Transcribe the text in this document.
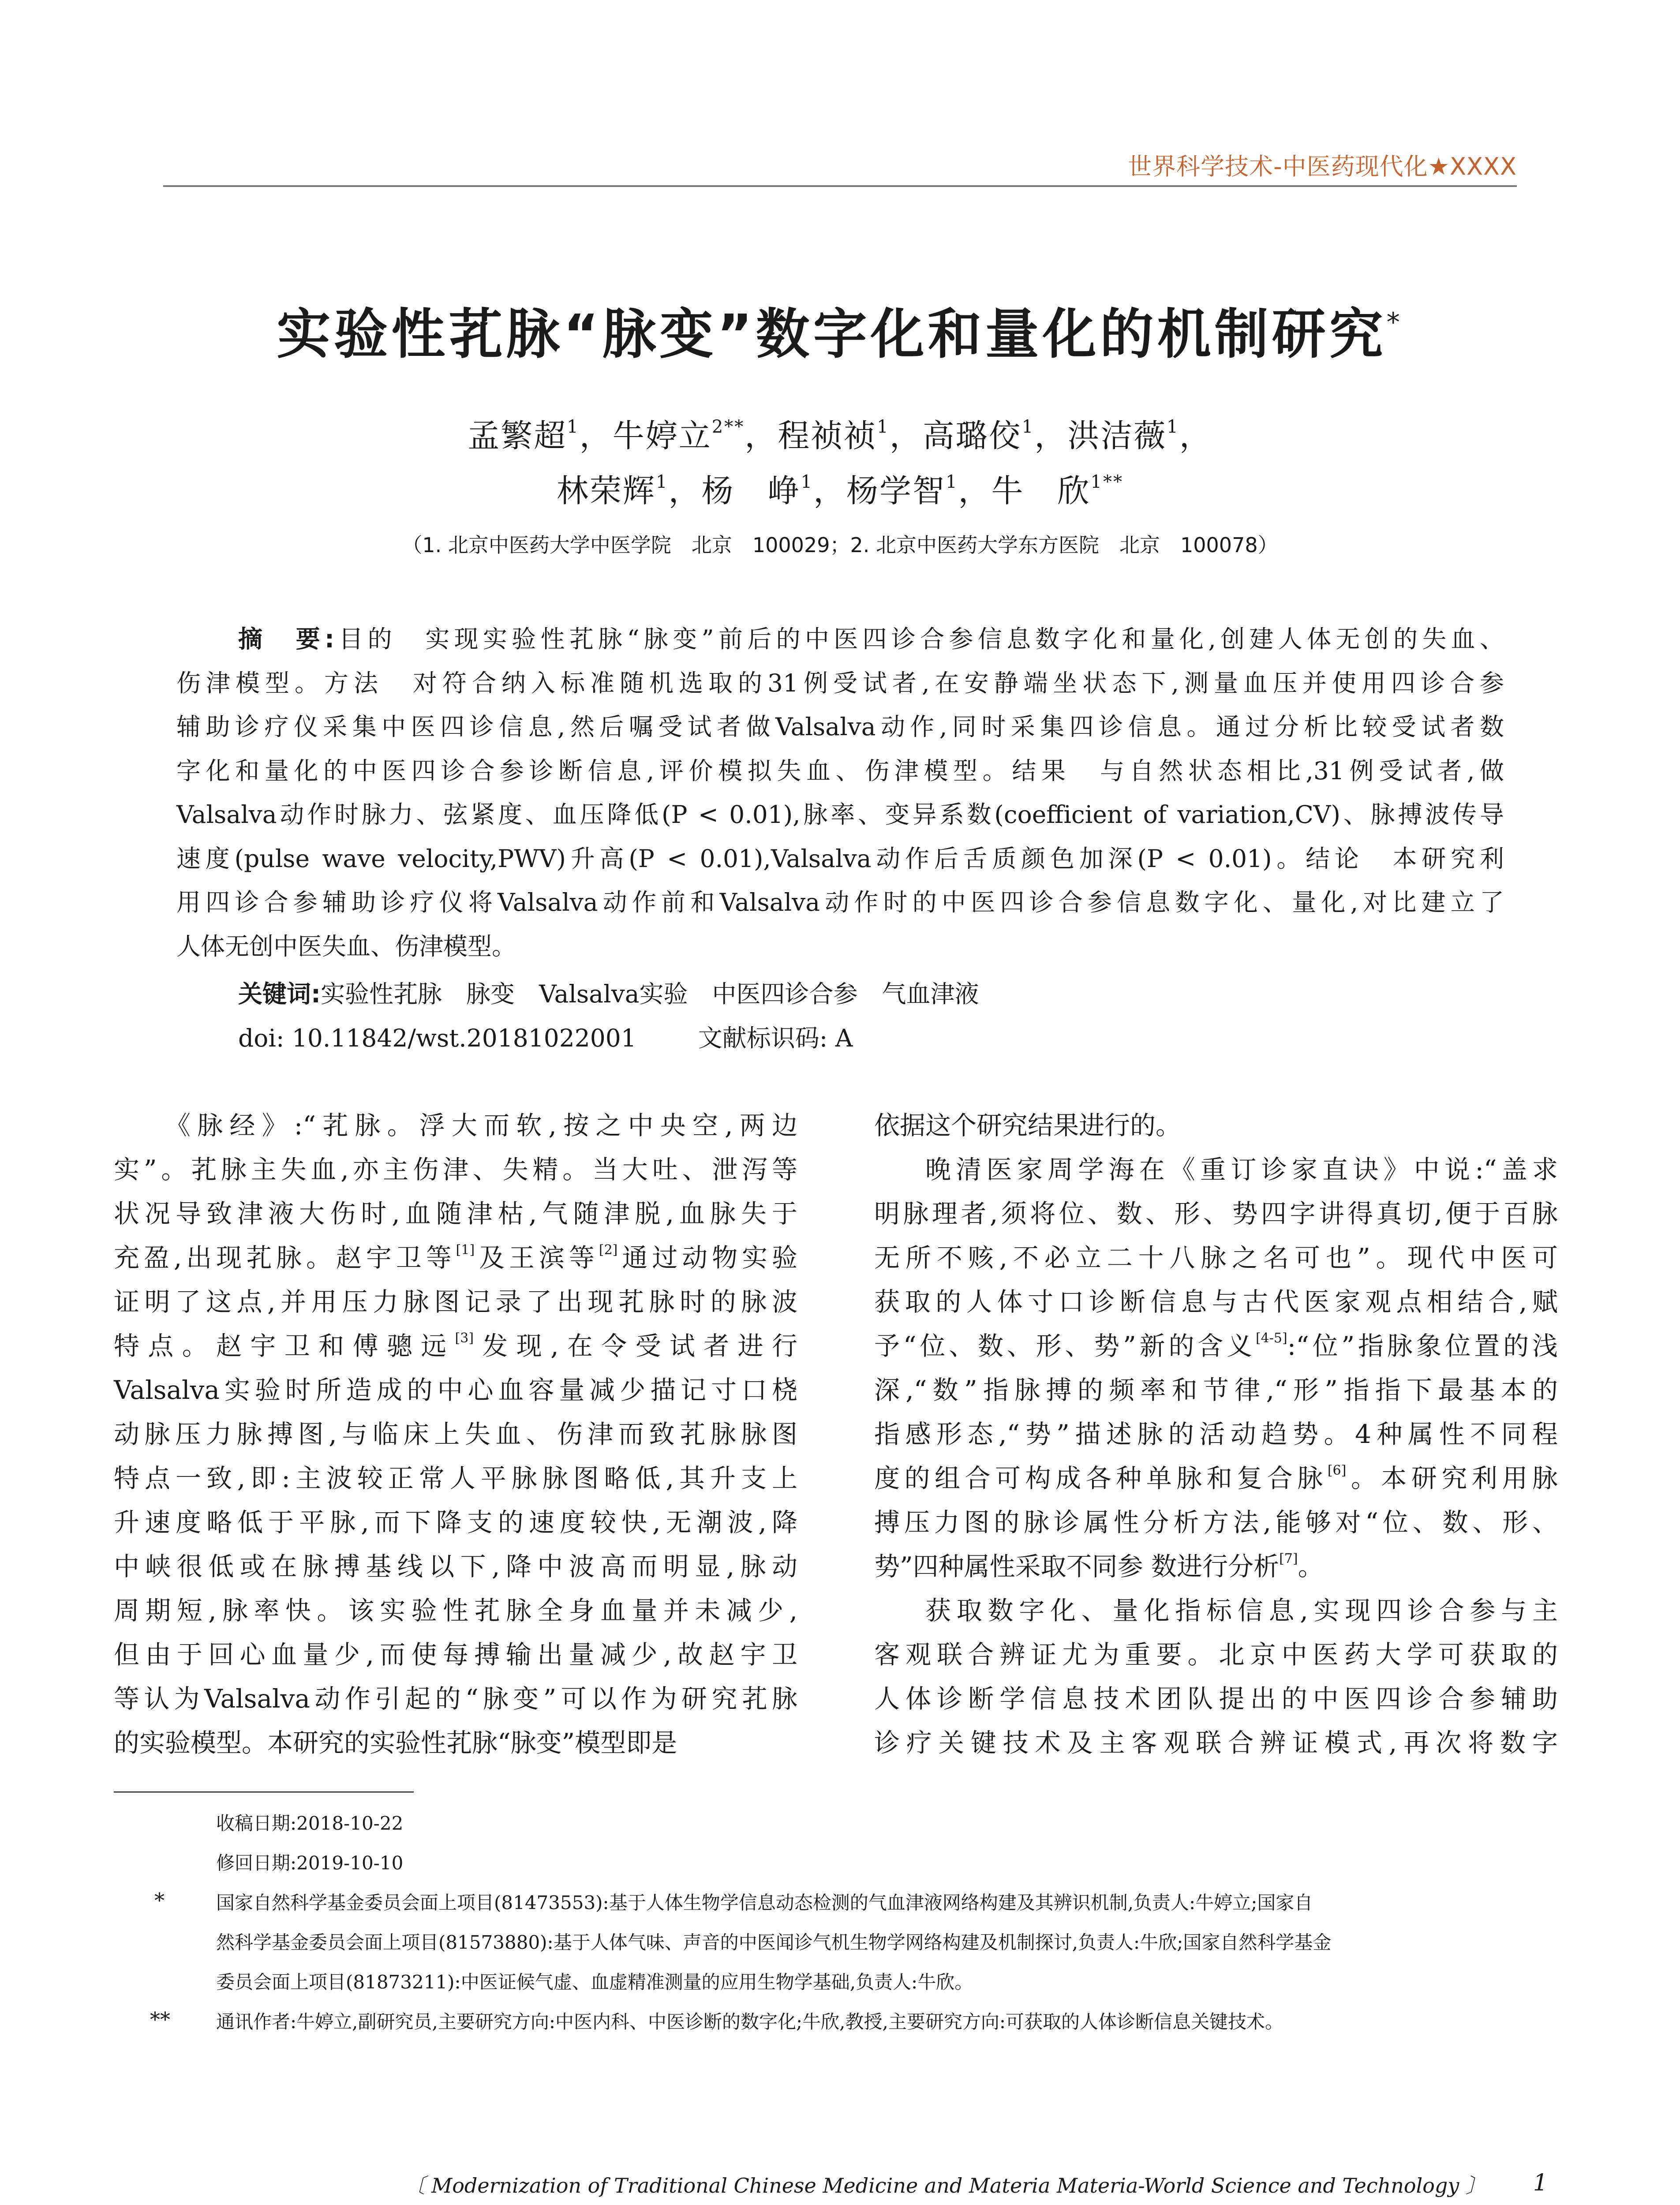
世界科学技术-中医药现代化★XXXX
实验性芤脉“脉变”数字化和量化的机制研究*
孟繁超$^1$，牛婷立$^{2**}$，程祯祯$^1$，高璐佼$^1$，洪洁薇$^1$，
林荣辉$^1$，杨　峥$^1$，杨学智$^1$，牛　欣$^{1**}$
（1. 北京中医药大学中医学院　北京　100029；2. 北京中医药大学东方医院　北京　100078）
摘　要:目的　实现实验性芤脉“脉变”前后的中医四诊合参信息数字化和量化,创建人体无创的失血、
伤津模型。方法　对符合纳入标准随机选取的31例受试者,在安静端坐状态下,测量血压并使用四诊合参
辅助诊疗仪采集中医四诊信息,然后嘱受试者做Valsalva动作,同时采集四诊信息。通过分析比较受试者数
字化和量化的中医四诊合参诊断信息,评价模拟失血、伤津模型。结果　与自然状态相比,31例受试者,做
Valsalva动作时脉力、弦紧度、血压降低(P < 0.01),脉率、变异系数(coefficient of variation,CV)、脉搏波传导
速度(pulse wave velocity,PWV)升高(P < 0.01),Valsalva动作后舌质颜色加深(P < 0.01)。结论　本研究利
用四诊合参辅助诊疗仪将Valsalva动作前和Valsalva动作时的中医四诊合参信息数字化、量化,对比建立了
人体无创中医失血、伤津模型。
关键词:实验性芤脉　脉变　Valsalva实验　中医四诊合参　气血津液
doi: 10.11842/wst.20181022001	文献标识码: A
《脉经》:“芤脉。浮大而软,按之中央空,两边
实”。芤脉主失血,亦主伤津、失精。当大吐、泄泻等
状况导致津液大伤时,血随津枯,气随津脱,血脉失于
充盈,出现芤脉。赵宇卫等[1]及王滨等[2]通过动物实验
证明了这点,并用压力脉图记录了出现芤脉时的脉波
特点。赵宇卫和傅骢远[3]发现,在令受试者进行
Valsalva实验时所造成的中心血容量减少描记寸口桡
动脉压力脉搏图,与临床上失血、伤津而致芤脉脉图
特点一致,即:主波较正常人平脉脉图略低,其升支上
升速度略低于平脉,而下降支的速度较快,无潮波,降
中峡很低或在脉搏基线以下,降中波高而明显,脉动
周期短,脉率快。该实验性芤脉全身血量并未减少,
但由于回心血量少,而使每搏输出量减少,故赵宇卫
等认为Valsalva动作引起的“脉变”可以作为研究芤脉
的实验模型。本研究的实验性芤脉“脉变”模型即是
依据这个研究结果进行的。
晚清医家周学海在《重订诊家直诀》中说:“盖求
明脉理者,须将位、数、形、势四字讲得真切,便于百脉
无所不赅,不必立二十八脉之名可也”。现代中医可
获取的人体寸口诊断信息与古代医家观点相结合,赋
予“位、数、形、势”新的含义[4-5]:“位”指脉象位置的浅
深,“数”指脉搏的频率和节律,“形”指指下最基本的
指感形态,“势”描述脉的活动趋势。4种属性不同程
度的组合可构成各种单脉和复合脉[6]。本研究利用脉
搏压力图的脉诊属性分析方法,能够对“位、数、形、
势”四种属性采取不同参 数进行分析[7]。
获取数字化、量化指标信息,实现四诊合参与主
客观联合辨证尤为重要。北京中医药大学可获取的
人体诊断学信息技术团队提出的中医四诊合参辅助
诊疗关键技术及主客观联合辨证模式,再次将数字
收稿日期:2018-10-22
修回日期:2019-10-10
*	国家自然科学基金委员会面上项目(81473553):基于人体生物学信息动态检测的气血津液网络构建及其辨识机制,负责人:牛婷立;国家自
然科学基金委员会面上项目(81573880):基于人体气味、声音的中医闻诊气机生物学网络构建及机制探讨,负责人:牛欣;国家自然科学基金
委员会面上项目(81873211):中医证候气虚、血虚精准测量的应用生物学基础,负责人:牛欣。
** 通讯作者:牛婷立,副研究员,主要研究方向:中医内科、中医诊断的数字化;牛欣,教授,主要研究方向:可获取的人体诊断信息关键技术。
〔 Modernization of Traditional Chinese Medicine and Materia Materia-World Science and Technology 〕 1
